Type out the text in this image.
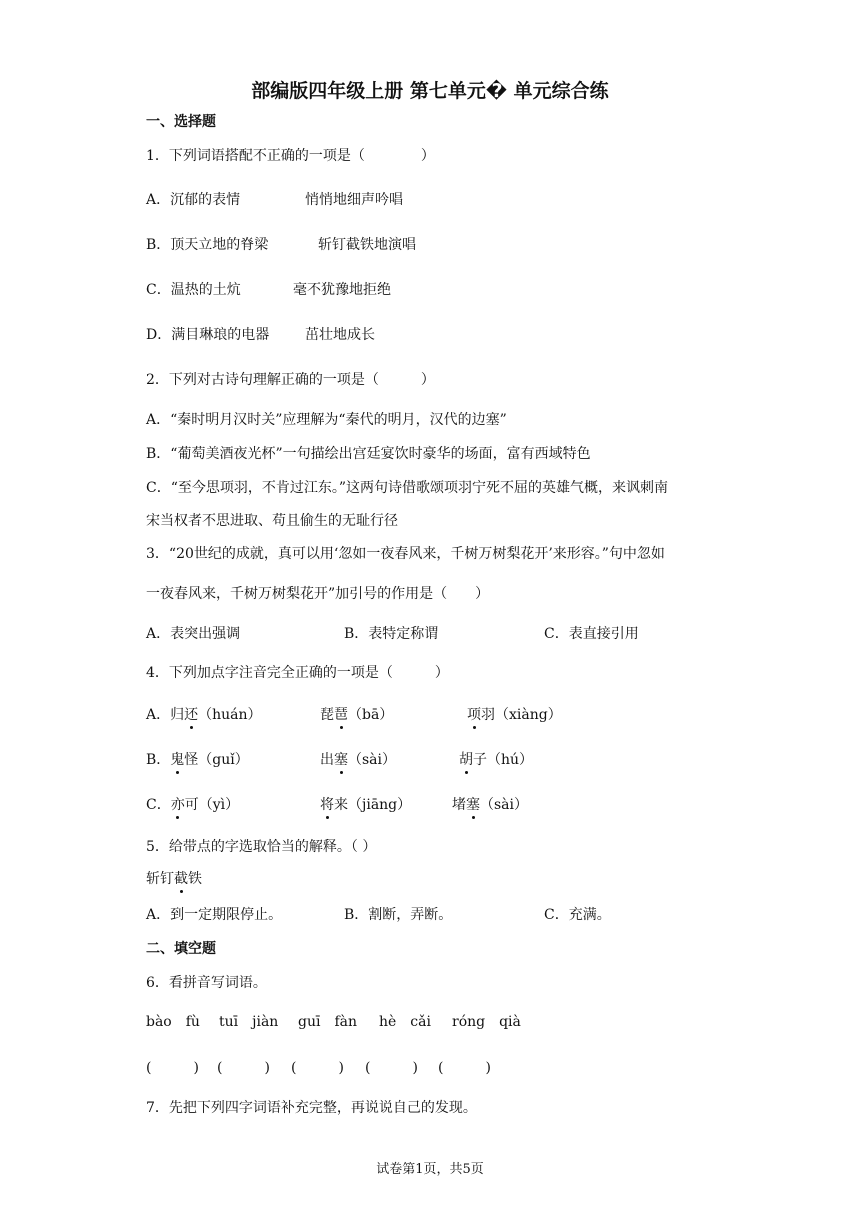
部编版四年级上册 第七单元� 单元综合练
一、选择题
1．下列词语搭配不正确的一项是（　　　　）
A．沉郁的表情	悄悄地细声吟唱
B．顶天立地的脊梁	斩钉截铁地演唱
C．温热的土炕	毫不犹豫地拒绝
D．满目琳琅的电器	茁壮地成长
2．下列对古诗句理解正确的一项是（　　　）
A．“秦时明月汉时关”应理解为“秦代的明月，汉代的边塞”
B．“葡萄美酒夜光杯”一句描绘出宫廷宴饮时豪华的场面，富有西域特色
C．“至今思项羽，不肯过江东。”这两句诗借歌颂项羽宁死不屈的英雄气概，来讽刺南
宋当权者不思进取、苟且偷生的无耻行径
3．“20世纪的成就，真可以用‘忽如一夜春风来，千树万树梨花开’来形容。”句中忽如
一夜春风来，千树万树梨花开”加引号的作用是（　　）
A．表突出强调	B．表特定称谓	C．表直接引用
4．下列加点字注音完全正确的一项是（　　　）
A．归还（huán）	琵琶（bā）	项羽（xiàng）
B．鬼怪（guǐ）	出塞（sài）	胡子（hú）
C．亦可（yì）	将来（jiāng）	堵塞（sài）
5．给带点的字选取恰当的解释。（ ）
斩钉截铁
A．到一定期限停止。	B．割断，弄断。	C．充满。
二、填空题
6．看拼音写词语。
bào　fù tuī　jiàn guī　fàn hè　cǎi róng　qià
(　　　) (　　　) (　　　) (　　　) (　　　)
7．先把下列四字词语补充完整，再说说自己的发现。
试卷第1页，共5页
